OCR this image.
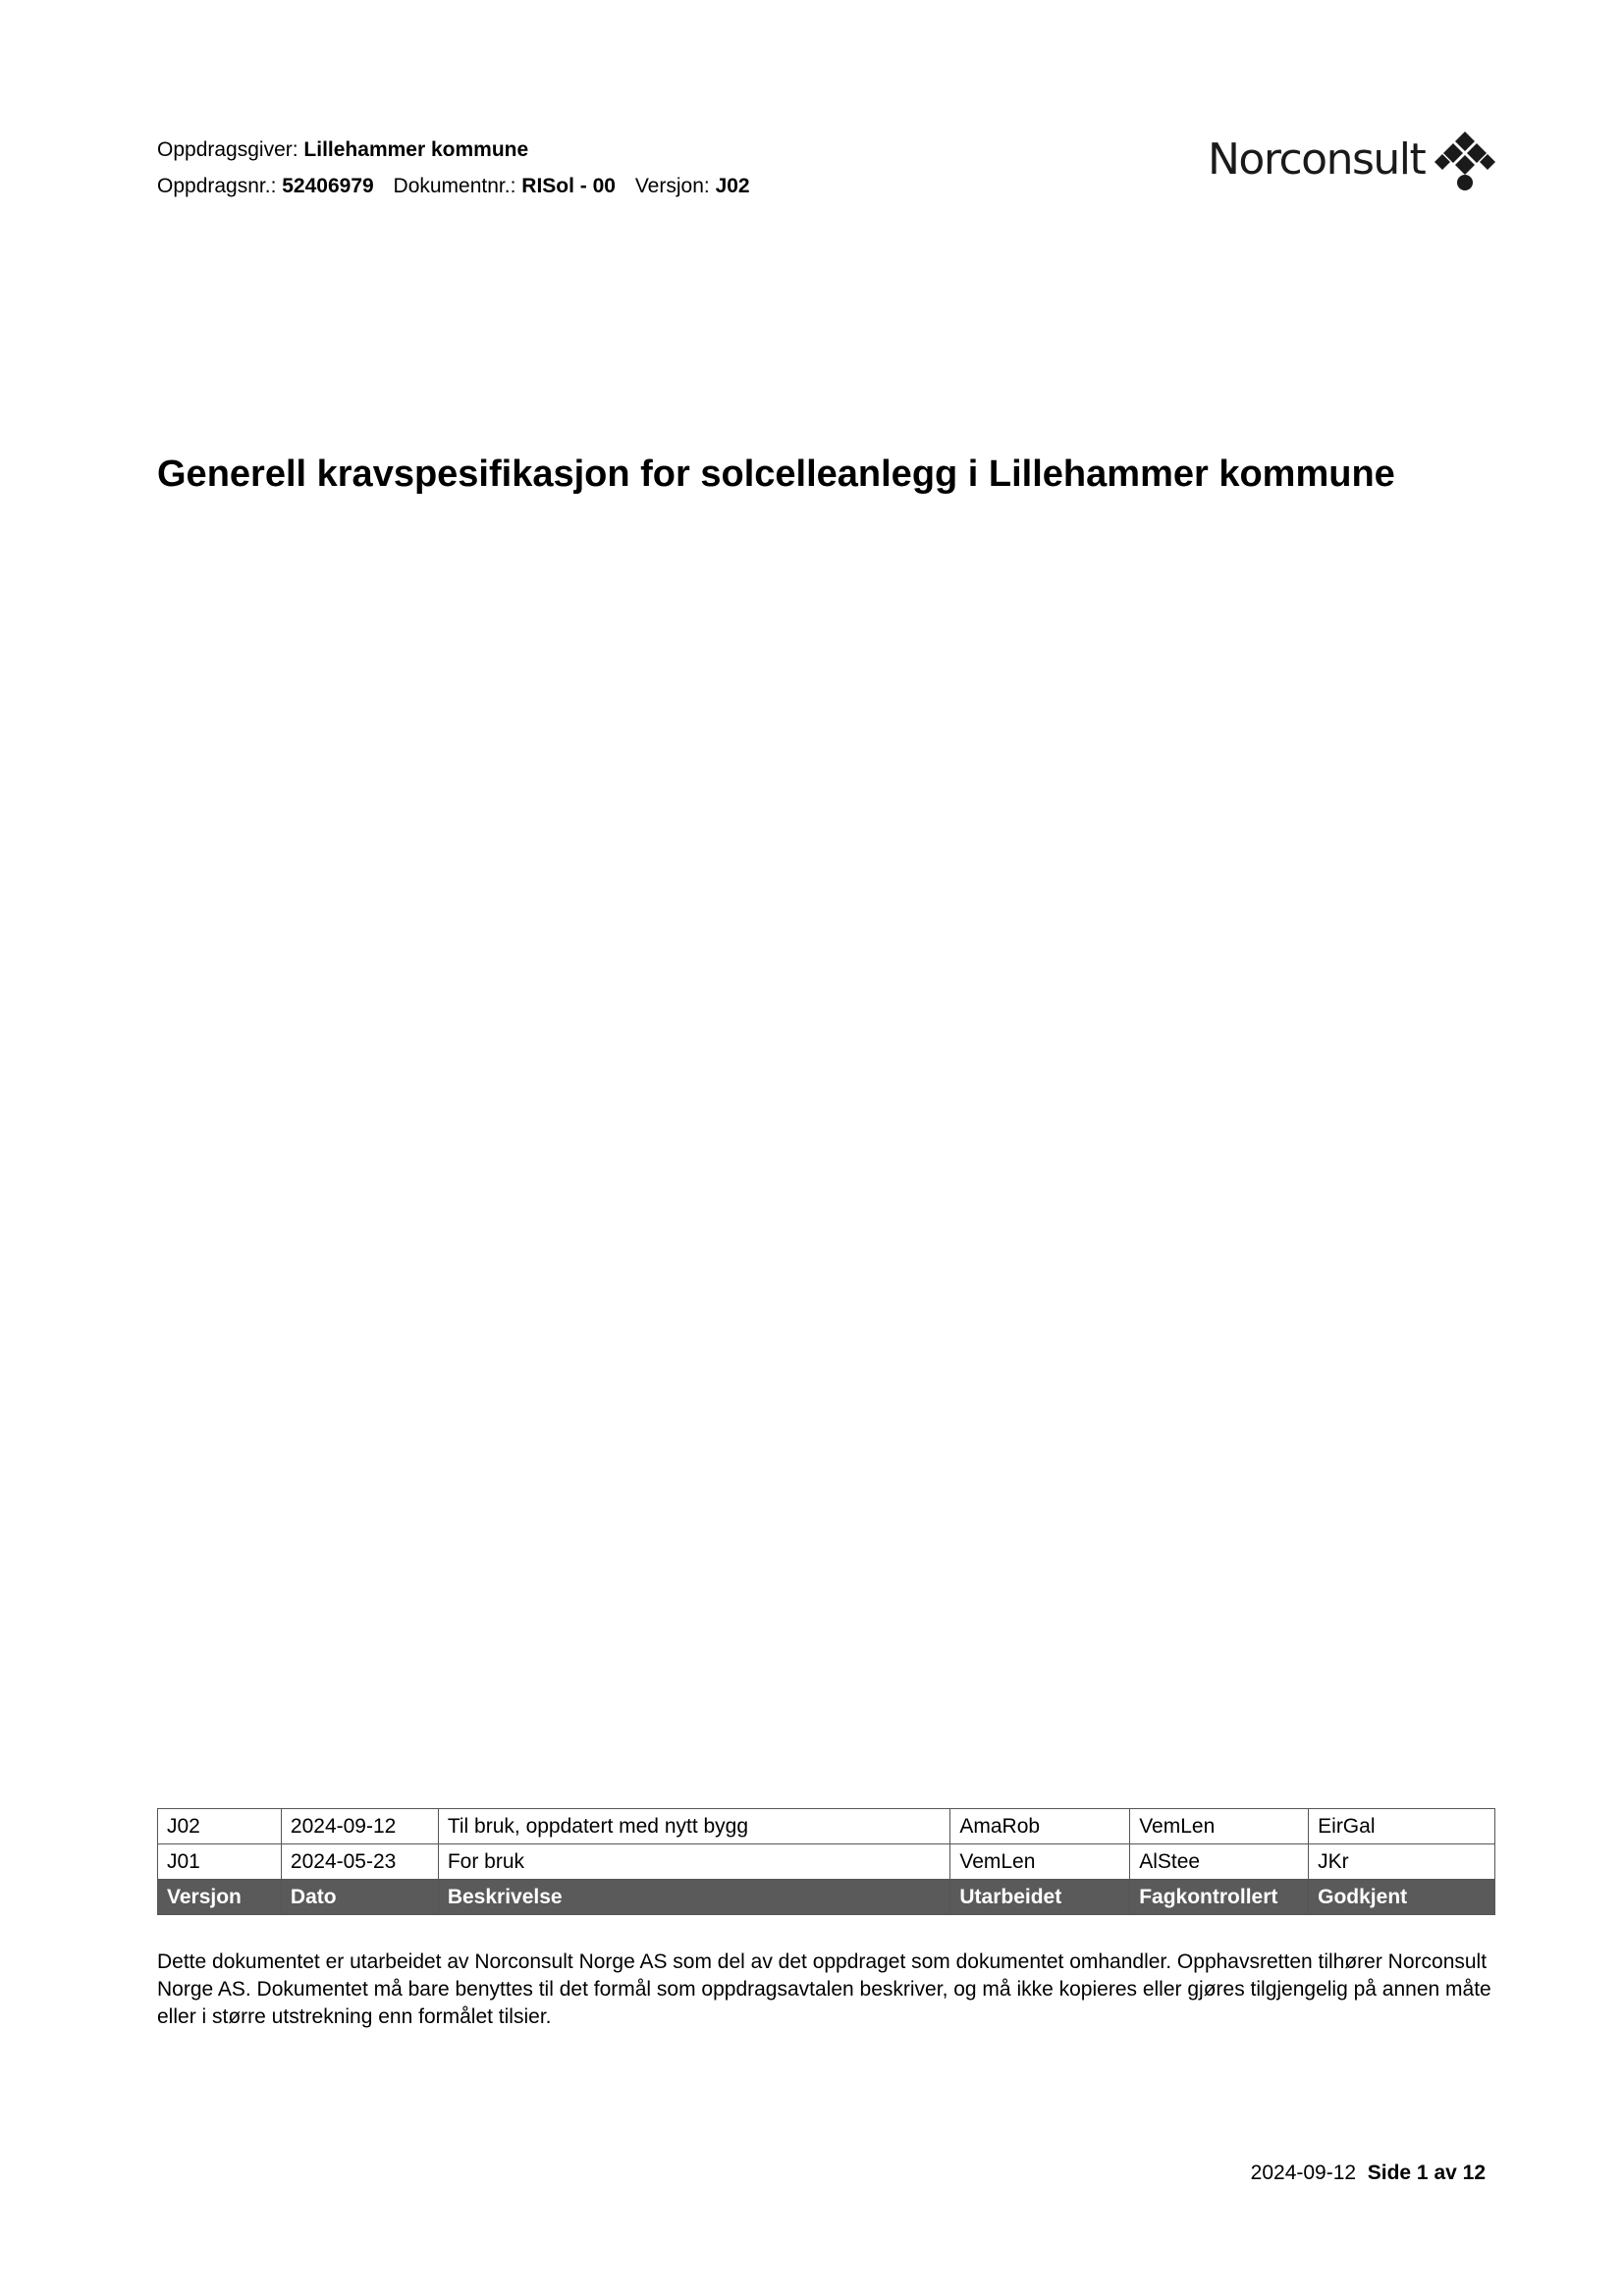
Oppdragsgiver: Lillehammer kommune
Oppdragsnr.: 52406979 Dokumentnr.: RISol - 00 Versjon: J02
Norconsult
Generell kravspesifikasjon for solcelleanlegg i Lillehammer kommune
J02	2024-09-12	Til bruk, oppdatert med nytt bygg	AmaRob	VemLen	EirGal
J01	2024-05-23	For bruk	VemLen	AlStee	JKr
Versjon	Dato	Beskrivelse	Utarbeidet	Fagkontrollert	Godkjent

Dette dokumentet er utarbeidet av Norconsult Norge AS som del av det oppdraget som dokumentet omhandler. Opphavsretten tilhører Norconsult Norge AS. Dokumentet må bare benyttes til det formål som oppdragsavtalen beskriver, og må ikke kopieres eller gjøres tilgjengelig på annen måte eller i større utstrekning enn formålet tilsier.

2024-09-12 Side 1 av 12
